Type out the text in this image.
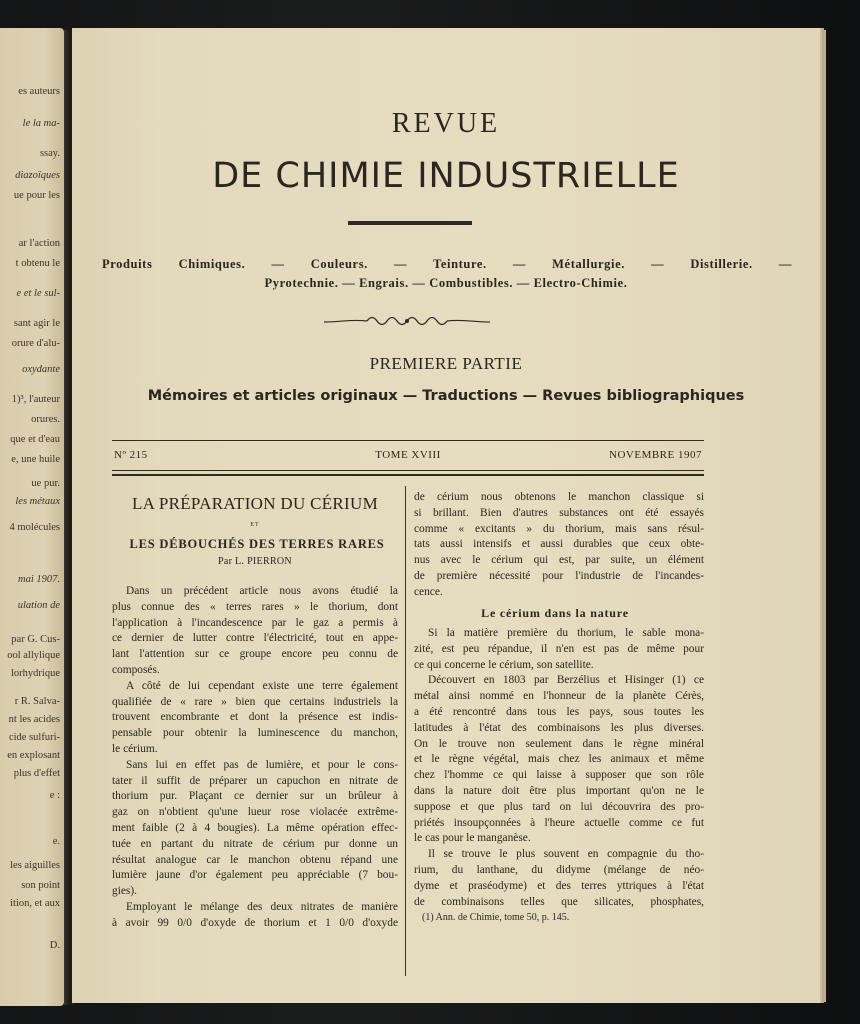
es auteurs
le la ma-
ssay.
diazoïques
ue pour les
ar l'action
t obtenu le
e et le sul-
sant agir le
orure d'alu-
oxydante
1)³, l'auteur
orures.
que et d'eau
e, une huile
ue pur.
les métaux
4 molécules
mai 1907.
ulation de
par G. Cus-
ool allylique
lorhydrique
r R. Salva-
nt les acides
cide sulfuri-
en explosant
plus d'effet
e :
e.
les aiguilles
son point
ition, et aux
D.
REVUE
DE CHIMIE INDUSTRIELLE
Produits Chimiques. — Couleurs. — Teinture. — Métallurgie. — Distillerie. —
Pyrotechnie. — Engrais. — Combustibles. — Electro-Chimie.
PREMIERE PARTIE
Mémoires et articles originaux — Traductions — Revues bibliographiques
Nº 215	TOME XVIII	NOVEMBRE 1907
LA PRÉPARATION DU CÉRIUM
ET
LES DÉBOUCHÉS DES TERRES RARES
Par L. PIERRON
Dans un précédent article nous avons étudié la
plus connue des « terres rares » le thorium, dont
l'application à l'incandescence par le gaz a permis à
ce dernier de lutter contre l'électricité, tout en appe-
lant l'attention sur ce groupe encore peu connu de
composés.
A côté de lui cependant existe une terre également
qualifiée de « rare » bien que certains industriels la
trouvent encombrante et dont la présence est indis-
pensable pour obtenir la luminescence du manchon,
le cérium.
Sans lui en effet pas de lumière, et pour le cons-
tater il suffit de préparer un capuchon en nitrate de
thorium pur. Plaçant ce dernier sur un brûleur à
gaz on n'obtient qu'une lueur rose violacée extrême-
ment faible (2 à 4 bougies). La même opération effec-
tuée en partant du nitrate de cérium pur donne un
résultat analogue car le manchon obtenu répand une
lumière jaune d'or également peu appréciable (7 bou-
gies).
Employant le mélange des deux nitrates de manière
à avoir 99 0/0 d'oxyde de thorium et 1 0/0 d'oxyde
de cérium nous obtenons le manchon classique si
si brillant. Bien d'autres substances ont été essayés
comme « excitants » du thorium, mais sans résul-
tats aussi intensifs et aussi durables que ceux obte-
nus avec le cérium qui est, par suite, un élément
de première nécessité pour l'industrie de l'incandes-
cence.
Le cérium dans la nature
Si la matière première du thorium, le sable mona-
zité, est peu répandue, il n'en est pas de même pour
ce qui concerne le cérium, son satellite.
Découvert en 1803 par Berzélius et Hisinger (1) ce
métal ainsi nommé en l'honneur de la planète Cérès,
a été rencontré dans tous les pays, sous toutes les
latitudes à l'état des combinaisons les plus diverses.
On le trouve non seulement dans le règne minéral
et le règne végétal, mais chez les animaux et même
chez l'homme ce qui laisse à supposer que son rôle
dans la nature doit être plus important qu'on ne le
suppose et que plus tard on lui découvrira des pro-
priétés insoupçonnées à l'heure actuelle comme ce fut
le cas pour le manganèse.
Il se trouve le plus souvent en compagnie du tho-
rium, du lanthane, du didyme (mélange de néo-
dyme et praséodyme) et des terres yttriques à l'état
de combinaisons telles que silicates, phosphates,
(1) Ann. de Chimie, tome 50, p. 145.
